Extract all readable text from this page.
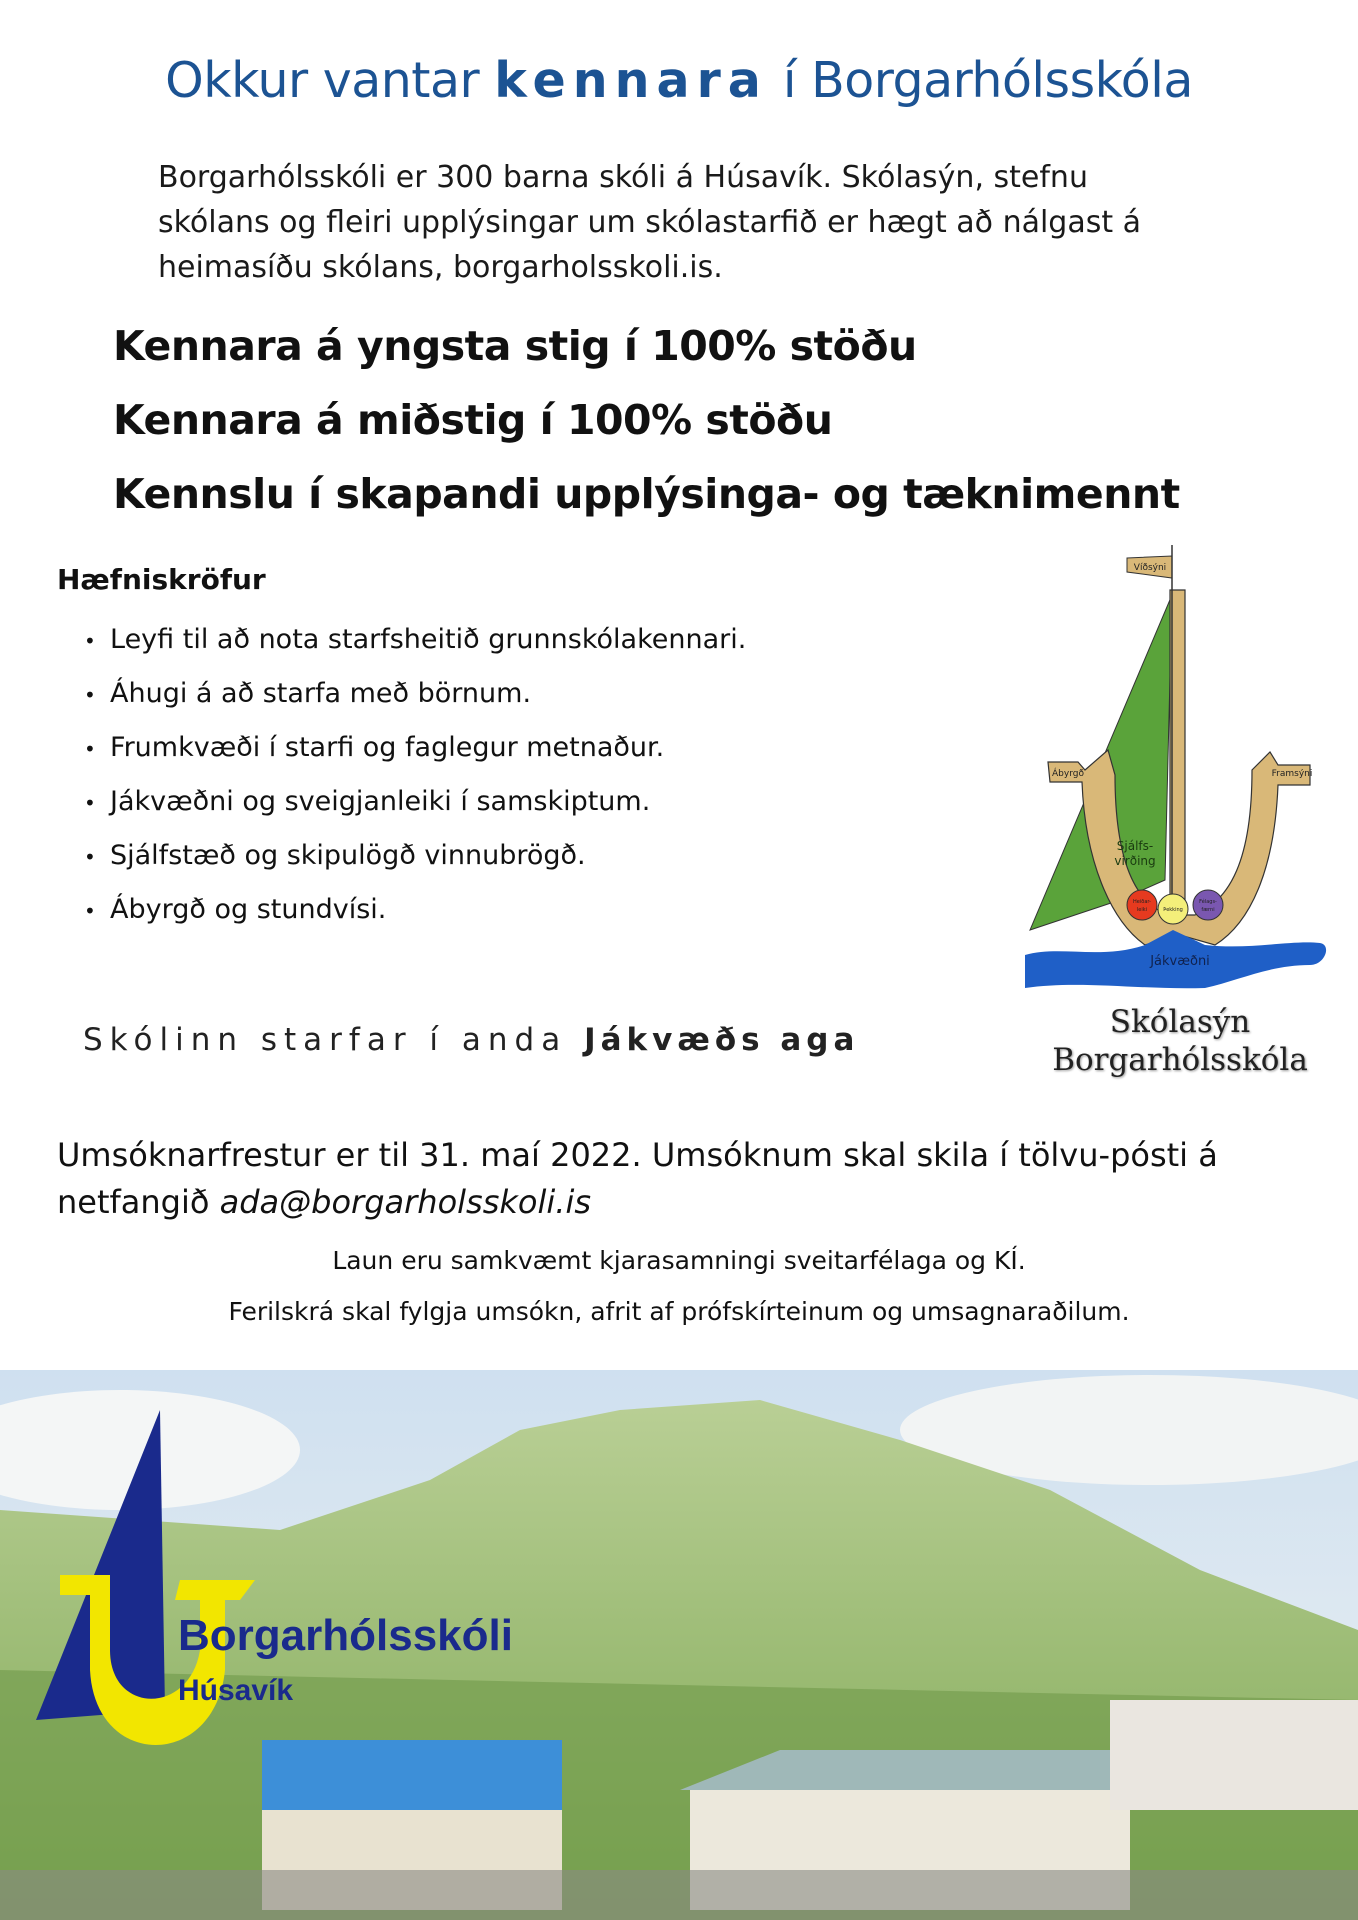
Okkur vantar kennara í Borgarhólsskóla
Borgarhólsskóli er 300 barna skóli á Húsavík. Skólasýn, stefnu skólans og fleiri upplýsingar um skólastarfið er hægt að nálgast á heimasíðu skólans, borgarholsskoli.is.
Kennara á yngsta stig í 100% stöðu
Kennara á miðstig í 100% stöðu
Kennslu í skapandi upplýsinga- og tæknimennt
Hæfniskröfur
• Leyfi til að nota starfsheitið grunnskólakennari.
• Áhugi á að starfa með börnum.
• Frumkvæði í starfi og faglegur metnaður.
• Jákvæðni og sveigjanleiki í samskiptum.
• Sjálfstæð og skipulögð vinnubrögð.
• Ábyrgð og stundvísi.
Víðsýni
Ábyrgð	Framsýni
Sjálfs-
virðing
Heiðar-
leiki	Þekking
Félags-
færni
Jákvæðni
Skólinn starfar í anda Jákvæðs aga	Skólasýn
Borgarhólsskóla
Umsóknarfrestur er til 31. maí 2022. Umsóknum skal skila í tölvu-pósti á netfangið ada@borgarholsskoli.is
Laun eru samkvæmt kjarasamningi sveitarfélaga og KÍ.
Ferilskrá skal fylgja umsókn, afrit af prófskírteinum og umsagnaraðilum.
Borgarhólsskóli
Húsavík
